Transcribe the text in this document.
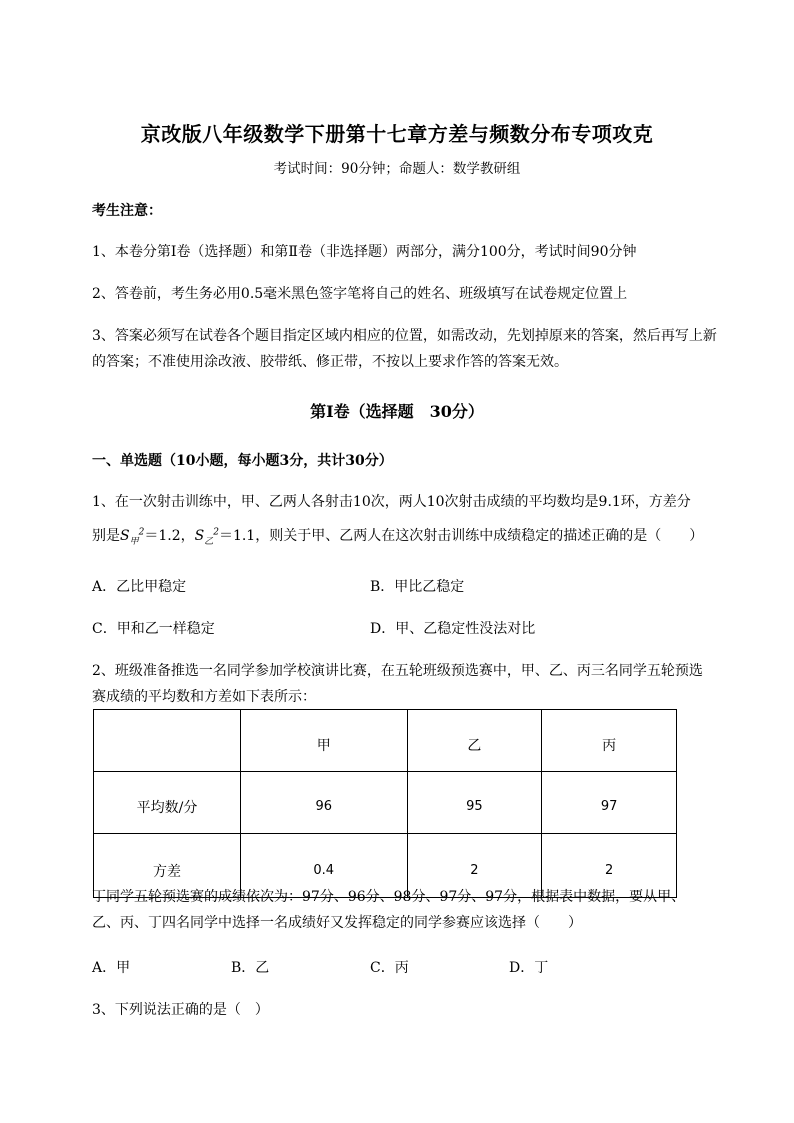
京改版八年级数学下册第十七章方差与频数分布专项攻克
考试时间：90分钟；命题人：数学教研组
考生注意：
1、本卷分第I卷（选择题）和第Ⅱ卷（非选择题）两部分，满分100分，考试时间90分钟
2、答卷前，考生务必用0.5毫米黑色签字笔将自己的姓名、班级填写在试卷规定位置上
3、答案必须写在试卷各个题目指定区域内相应的位置，如需改动，先划掉原来的答案，然后再写上新
的答案；不准使用涂改液、胶带纸、修正带，不按以上要求作答的答案无效。
第I卷（选择题　30分）
一、单选题（10小题，每小题3分，共计30分）
1、在一次射击训练中，甲、乙两人各射击10次，两人10次射击成绩的平均数均是9.1环，方差分
别是$S_甲^2=1.2$，$S_乙^2=1.1$，则关于甲、乙两人在这次射击训练中成绩稳定的描述正确的是（　　）
A．乙比甲稳定	B．甲比乙稳定
C．甲和乙一样稳定	D．甲、乙稳定性没法对比
2、班级准备推选一名同学参加学校演讲比赛，在五轮班级预选赛中，甲、乙、丙三名同学五轮预选
赛成绩的平均数和方差如下表所示：
	甲	乙	丙
平均数/分	96	95	97
方差	0.4	2	2
丁同学五轮预选赛的成绩依次为：97分、96分、98分、97分、97分，根据表中数据，要从甲、
乙、丙、丁四名同学中选择一名成绩好又发挥稳定的同学参赛应该选择（　　）
A．甲	B．乙	C．丙	D．丁
3、下列说法正确的是（　）
